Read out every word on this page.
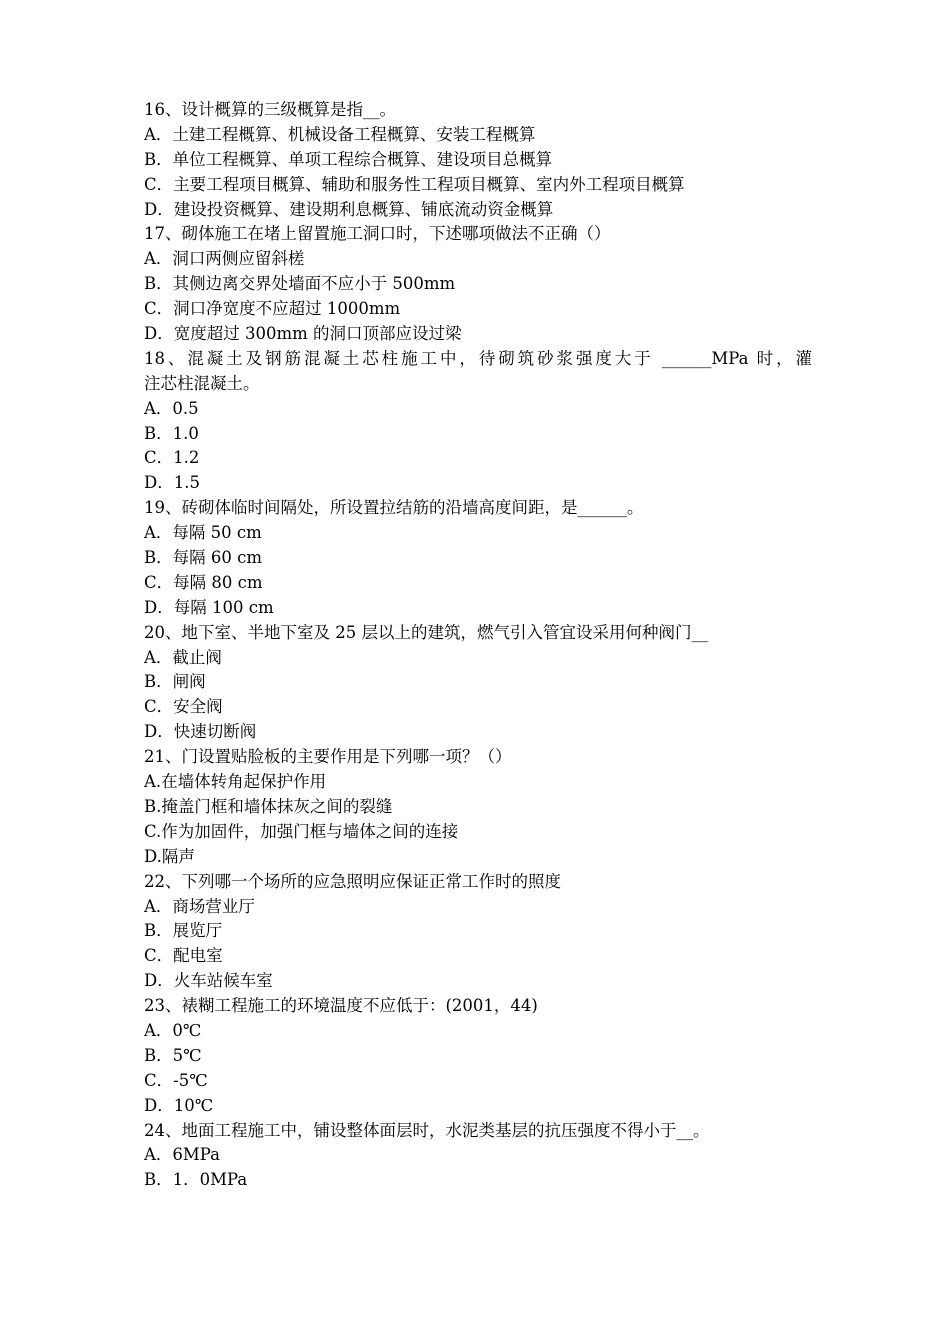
16、设计概算的三级概算是指__。
A．土建工程概算、机械设备工程概算、安装工程概算
B．单位工程概算、单项工程综合概算、建设项目总概算
C．主要工程项目概算、辅助和服务性工程项目概算、室内外工程项目概算
D．建设投资概算、建设期利息概算、铺底流动资金概算
17、砌体施工在堵上留置施工洞口时，下述哪项做法不正确（）
A．洞口两侧应留斜槎
B．其侧边离交界处墙面不应小于 500mm
C．洞口净宽度不应超过 1000mm
D．宽度超过 300mm 的洞口顶部应设过梁
18、混凝土及钢筋混凝土芯柱施工中，待砌筑砂浆强度大于 ______MPa 时，灌
注芯柱混凝土。
A．0.5
B．1.0
C．1.2
D．1.5
19、砖砌体临时间隔处，所设置拉结筋的沿墙高度间距，是______。
A．每隔 50 cm
B．每隔 60 cm
C．每隔 80 cm
D．每隔 100 cm
20、地下室、半地下室及 25 层以上的建筑，燃气引入管宜设采用何种阀门__
A．截止阀
B．闸阀
C．安全阀
D．快速切断阀
21、门设置贴脸板的主要作用是下列哪一项？（）
A.在墙体转角起保护作用
B.掩盖门框和墙体抹灰之间的裂缝
C.作为加固件，加强门框与墙体之间的连接
D.隔声
22、下列哪一个场所的应急照明应保证正常工作时的照度
A．商场营业厅
B．展览厅
C．配电室
D．火车站候车室
23、裱糊工程施工的环境温度不应低于：(2001，44)
A．0℃
B．5℃
C．-5℃
D．10℃
24、地面工程施工中，铺设整体面层时，水泥类基层的抗压强度不得小于__。
A．6MPa
B．1．0MPa
